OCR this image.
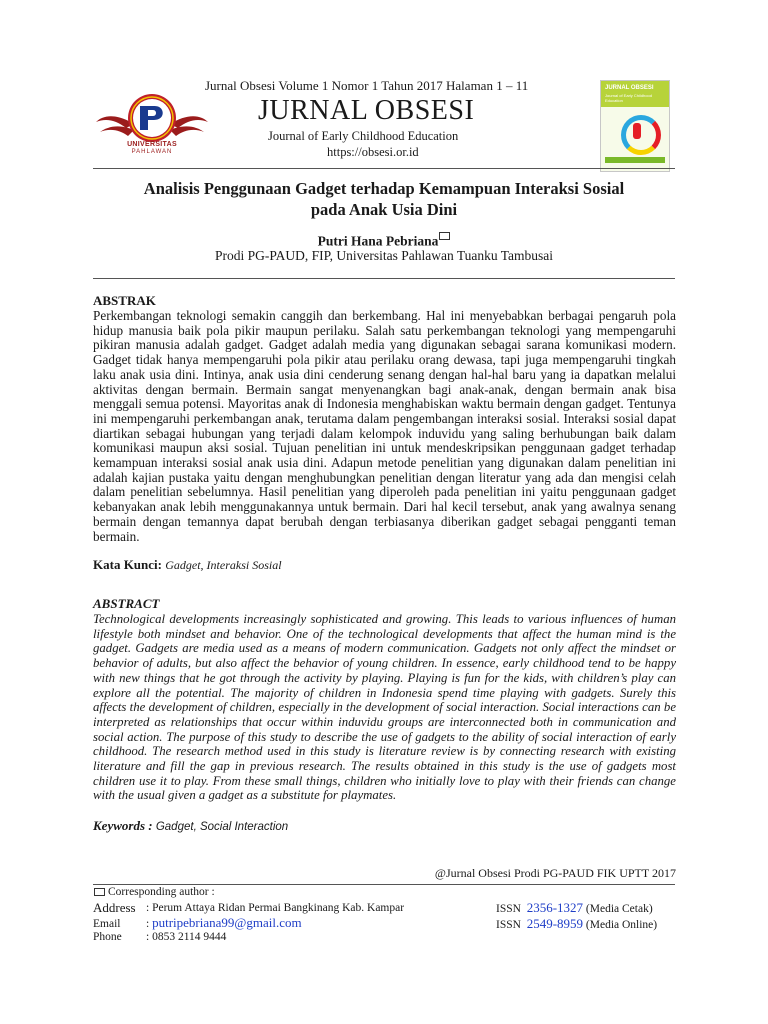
UNIVERSITAS
PAHLAWAN
Jurnal Obsesi Volume 1 Nomor 1 Tahun 2017 Halaman 1 – 11
JURNAL OBSESI
Journal of Early Childhood Education
https://obsesi.or.id
JURNAL OBSESI
Journal of Early Childhood Education
Analisis Penggunaan Gadget terhadap Kemampuan Interaksi Sosial
pada Anak Usia Dini
Putri Hana Pebriana
Prodi PG-PAUD, FIP, Universitas Pahlawan Tuanku Tambusai
ABSTRAK
Perkembangan teknologi semakin canggih dan berkembang. Hal ini menyebabkan berbagai pengaruh pola hidup manusia baik pola pikir maupun perilaku. Salah satu perkembangan teknologi yang mempengaruhi pikiran manusia adalah gadget. Gadget adalah media yang digunakan sebagai sarana komunikasi modern. Gadget tidak hanya mempengaruhi pola pikir atau perilaku orang dewasa, tapi juga mempengaruhi tingkah laku anak usia dini. Intinya, anak usia dini cenderung senang dengan hal-hal baru yang ia dapatkan melalui aktivitas dengan bermain. Bermain sangat menyenangkan bagi anak-anak, dengan bermain anak bisa menggali semua potensi. Mayoritas anak di Indonesia menghabiskan waktu bermain dengan gadget. Tentunya ini mempengaruhi perkembangan anak, terutama dalam pengembangan interaksi sosial. Interaksi sosial dapat diartikan sebagai hubungan yang terjadi dalam kelompok induvidu yang saling berhubungan baik dalam komunikasi maupun aksi sosial. Tujuan penelitian ini untuk mendeskripsikan penggunaan gadget terhadap kemampuan interaksi sosial anak usia dini. Adapun metode penelitian yang digunakan dalam penelitian ini adalah kajian pustaka yaitu dengan menghubungkan penelitian dengan literatur yang ada dan mengisi celah dalam penelitian sebelumnya. Hasil penelitian yang diperoleh pada penelitian ini yaitu penggunaan gadget kebanyakan anak lebih menggunakannya untuk bermain. Dari hal kecil tersebut, anak yang awalnya senang bermain dengan temannya dapat berubah dengan terbiasanya diberikan gadget sebagai pengganti teman bermain.
Kata Kunci: Gadget, Interaksi Sosial
ABSTRACT
Technological developments increasingly sophisticated and growing. This leads to various influences of human lifestyle both mindset and behavior. One of the technological developments that affect the human mind is the gadget. Gadgets are media used as a means of modern communication. Gadgets not only affect the mindset or behavior of adults, but also affect the behavior of young children. In essence, early childhood tend to be happy with new things that he got through the activity by playing. Playing is fun for the kids, with children’s play can explore all the potential. The majority of children in Indonesia spend time playing with gadgets. Surely this affects the development of children, especially in the development of social interaction. Social interactions can be interpreted as relationships that occur within induvidu groups are interconnected both in communication and social action. The purpose of this study to describe the use of gadgets to the ability of social interaction of early childhood. The research method used in this study is literature review is by connecting research with existing literature and fill the gap in previous research. The results obtained in this study is the use of gadgets most children use it to play. From these small things, children who initially love to play with their friends can change with the usual given a gadget as a substitute for playmates.
Keywords : Gadget, Social Interaction
@Jurnal Obsesi Prodi PG-PAUD FIK UPTT 2017
Corresponding author :
Address : Perum Attaya Ridan Permai Bangkinang Kab. Kampar
Email : putripebriana99@gmail.com
Phone : 0853 2114 9444
ISSN 2356-1327 (Media Cetak)
ISSN 2549-8959 (Media Online)
